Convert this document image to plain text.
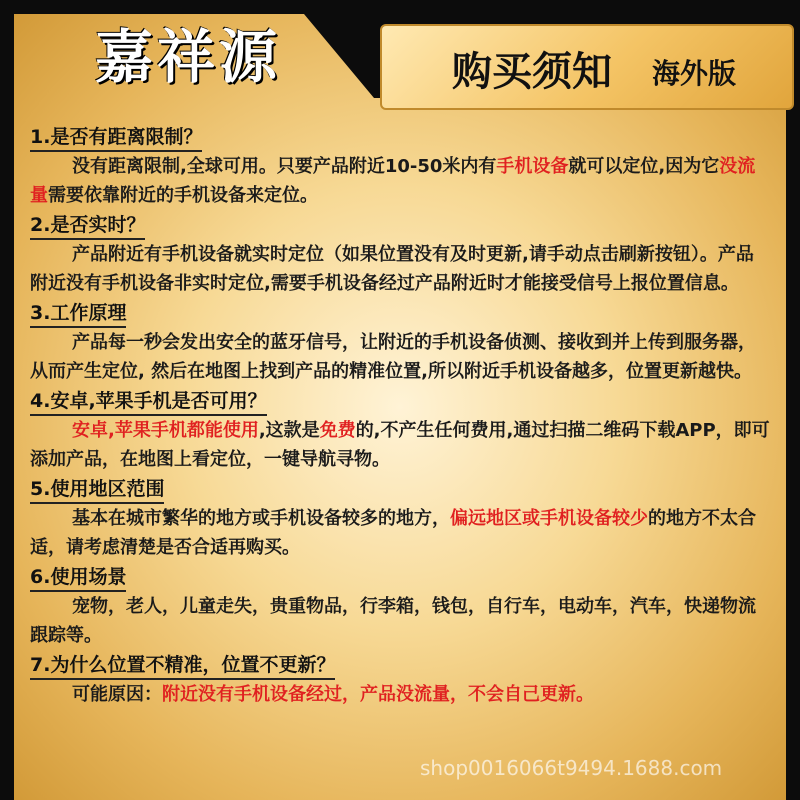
嘉祥源	购买须知 海外版
1.是否有距离限制？
没有距离限制,全球可用。只要产品附近10-50米内有手机设备就可以定位,因为它没流量需要依靠附近的手机设备来定位。
2.是否实时？
产品附近有手机设备就实时定位（如果位置没有及时更新,请手动点击刷新按钮）。产品附近没有手机设备非实时定位,需要手机设备经过产品附近时才能接受信号上报位置信息。
3.工作原理
产品每一秒会发出安全的蓝牙信号，让附近的手机设备侦测、接收到并上传到服务器，从而产生定位, 然后在地图上找到产品的精准位置,所以附近手机设备越多，位置更新越快。
4.安卓,苹果手机是否可用？
安卓,苹果手机都能使用,这款是免费的,不产生任何费用,通过扫描二维码下载APP，即可添加产品，在地图上看定位，一键导航寻物。
5.使用地区范围
基本在城市繁华的地方或手机设备较多的地方，偏远地区或手机设备较少的地方不太合适，请考虑清楚是否合适再购买。
6.使用场景
宠物，老人，儿童走失，贵重物品，行李箱，钱包，自行车，电动车，汽车，快递物流跟踪等。
7.为什么位置不精准，位置不更新？
可能原因：附近没有手机设备经过，产品没流量，不会自己更新。
shop0016066t9494.1688.com
